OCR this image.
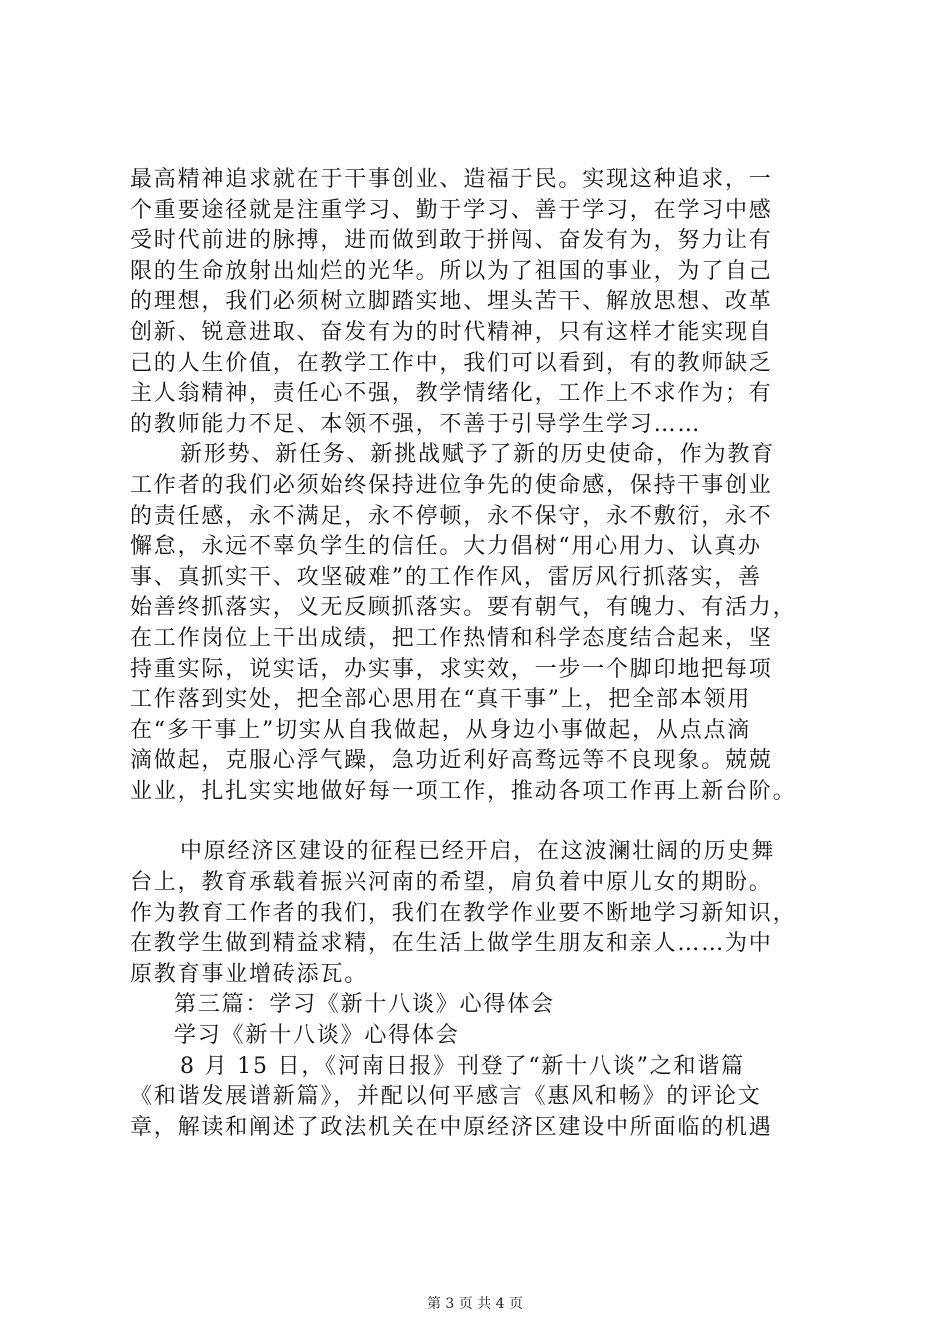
最高精神追求就在于干事创业、造福于民。实现这种追求，一
个重要途径就是注重学习、勤于学习、善于学习，在学习中感
受时代前进的脉搏，进而做到敢于拼闯、奋发有为，努力让有
限的生命放射出灿烂的光华。所以为了祖国的事业，为了自己
的理想，我们必须树立脚踏实地、埋头苦干、解放思想、改革
创新、锐意进取、奋发有为的时代精神，只有这样才能实现自
己的人生价值，在教学工作中，我们可以看到，有的教师缺乏
主人翁精神，责任心不强，教学情绪化，工作上不求作为；有
的教师能力不足、本领不强，不善于引导学生学习……
新形势、新任务、新挑战赋予了新的历史使命，作为教育
工作者的我们必须始终保持进位争先的使命感，保持干事创业
的责任感，永不满足，永不停顿，永不保守，永不敷衍，永不
懈怠，永远不辜负学生的信任。大力倡树“用心用力、认真办
事、真抓实干、攻坚破难”的工作作风，雷厉风行抓落实，善
始善终抓落实，义无反顾抓落实。要有朝气，有魄力、有活力，
在工作岗位上干出成绩，把工作热情和科学态度结合起来，坚
持重实际，说实话，办实事，求实效，一步一个脚印地把每项
工作落到实处，把全部心思用在“真干事”上，把全部本领用
在“多干事上”切实从自我做起，从身边小事做起，从点点滴
滴做起，克服心浮气躁，急功近利好高骛远等不良现象。兢兢
业业，扎扎实实地做好每一项工作，推动各项工作再上新台阶。
中原经济区建设的征程已经开启，在这波澜壮阔的历史舞
台上，教育承载着振兴河南的希望，肩负着中原儿女的期盼。
作为教育工作者的我们，我们在教学作业要不断地学习新知识，
在教学生做到精益求精，在生活上做学生朋友和亲人……为中
原教育事业增砖添瓦。
第三篇：学习《新十八谈》心得体会
学习《新十八谈》心得体会
8 月 15 日，《河南日报》刊登了“新十八谈”之和谐篇
《和谐发展谱新篇》，并配以何平感言《惠风和畅》的评论文
章，解读和阐述了政法机关在中原经济区建设中所面临的机遇
第 3 页 共 4 页
